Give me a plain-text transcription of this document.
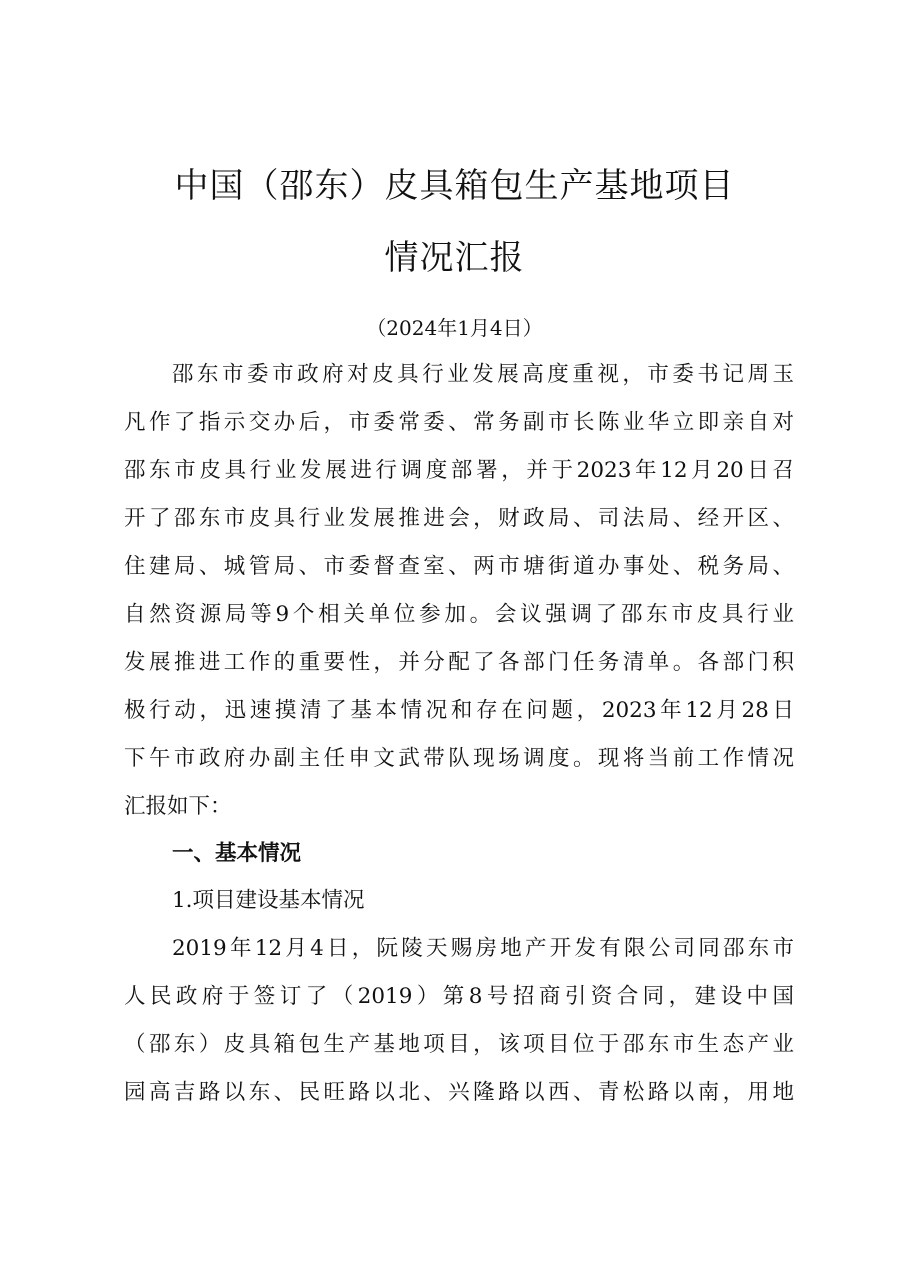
中国（邵东）皮具箱包生产基地项目
情况汇报
（2024年1月4日）
邵东市委市政府对皮具行业发展高度重视，市委书记周玉
凡作了指示交办后，市委常委、常务副市长陈业华立即亲自对
邵东市皮具行业发展进行调度部署，并于2023年12月20日召
开了邵东市皮具行业发展推进会，财政局、司法局、经开区、
住建局、城管局、市委督查室、两市塘街道办事处、税务局、
自然资源局等9个相关单位参加。会议强调了邵东市皮具行业
发展推进工作的重要性，并分配了各部门任务清单。各部门积
极行动，迅速摸清了基本情况和存在问题，2023年12月28日
下午市政府办副主任申文武带队现场调度。现将当前工作情况
汇报如下：
一、基本情况
1.项目建设基本情况
2019年12月4日，阮陵天赐房地产开发有限公司同邵东市
人民政府于签订了（2019）第8号招商引资合同，建设中国
（邵东）皮具箱包生产基地项目，该项目位于邵东市生态产业
园高吉路以东、民旺路以北、兴隆路以西、青松路以南，用地
